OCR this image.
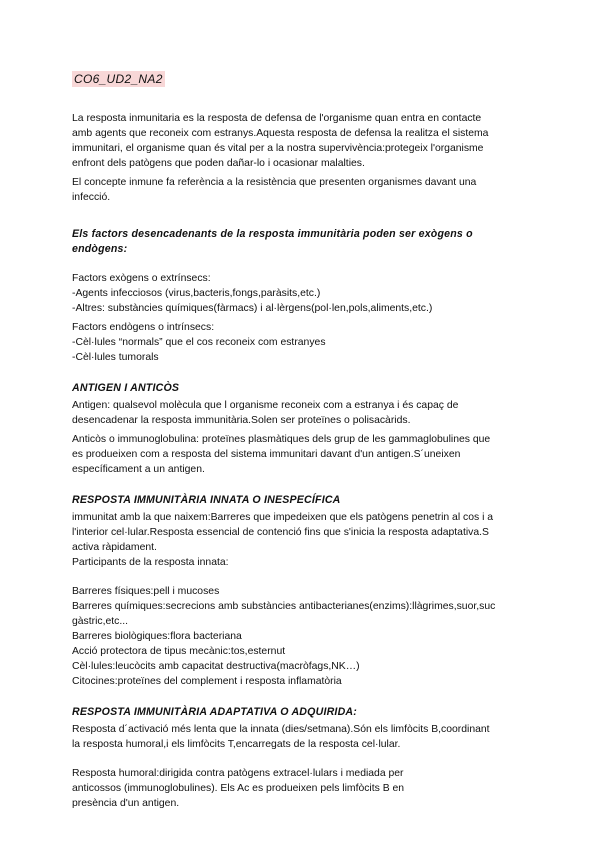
CO6_UD2_NA2

La resposta inmunitaria es la resposta de defensa de l'organisme quan entra en contacte

amb agents que reconeix com estranys.Aquesta resposta de defensa la realitza el sistema

immunitari, el organisme quan és vital per a la nostra supervivència:protegeix l'organisme

enfront dels patògens que poden dañar-lo i ocasionar malalties.

El concepte inmune fa referència a la resistència que presenten organismes davant una

infecció.

Els factors desencadenants de la resposta immunitària poden ser exògens o
endògens:

Factors exògens o extrínsecs:

-Agents infecciosos (virus,bacteris,fongs,paràsits,etc.)

-Altres: substàncies químiques(fàrmacs) i al·lèrgens(pol·len,pols,aliments,etc.)

Factors endògens o intrínsecs:

-Cèl·lules “normals” que el cos reconeix com estranyes

-Cèl·lules tumorals

ANTIGEN I ANTICÒS

Antigen: qualsevol molècula que l organisme reconeix com a estranya i és capaç de

desencadenar la resposta immunitària.Solen ser proteïnes o polisacàrids.

Anticòs o immunoglobulina: proteïnes plasmàtiques dels grup de les gammaglobulines que

es produeixen com a resposta del sistema immunitari davant d'un antigen.S´uneixen

específicament a un antigen.

RESPOSTA IMMUNITÀRIA INNATA O INESPECÍFICA

immunitat amb la que naixem:Barreres que impedeixen que els patògens penetrin al cos i a

l'interior cel·lular.Resposta essencial de contenció fins que s'inicia la resposta adaptativa.S

activa ràpidament.

Participants de la resposta innata:

Barreres físiques:pell i mucoses

Barreres químiques:secrecions amb substàncies antibacterianes(enzims):llàgrimes,suor,suc

gàstric,etc...

Barreres biològiques:flora bacteriana

Acció protectora de tipus mecànic:tos,esternut

Cèl·lules:leucòcits amb capacitat destructiva(macròfags,NK…)

Citocines:proteïnes del complement i resposta inflamatòria

RESPOSTA IMMUNITÀRIA ADAPTATIVA O ADQUIRIDA:

Resposta d´activació més lenta que la innata (dies/setmana).Són els limfòcits B,coordinant

la resposta humoral,i els limfòcits T,encarregats de la resposta cel·lular.

Resposta humoral:dirigida contra patògens extracel·lulars i mediada per

anticossos (immunoglobulines). Els Ac es produeixen pels limfòcits B en

presència d'un antigen.
